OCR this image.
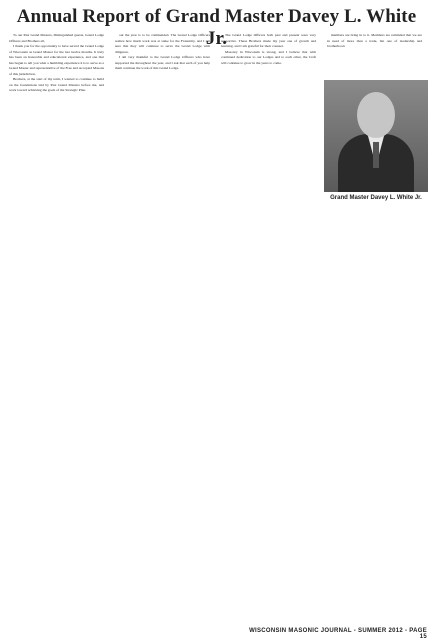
Annual Report of Grand Master Davey L. White Jr.

To our Past Grand Masters, Distinguished guests, Grand Lodge Officers and Brothers all,

I thank you for the opportunity to have served the Grand Lodge of Wisconsin as Grand Master for the last twelve months. It truly has been an honorable and educational experience, and one that has begun to tell you what a humbling experience it is to serve as a Grand Master and representative of the Free and Accepted Masons of this jurisdiction.

Brothers, at the start of my term, I wanted to continue to build on the foundations laid by Past Grand Masters before me, and work toward achieving the goals of the Strategic Plan.

out the year is to be commended. The Grand Lodge Officers realize how much work was at stake for the Fraternity, and I am sure that they will continue to serve the Grand Lodge with diligence.

I am very thankful to the Grand Lodge Officers who have supported me throughout the year, and I ask that each of you help them continue the work of this Grand Lodge.

The Grand Lodge Officers both past and present were very supportive. These Brothers made my year one of growth and learning, and I am grateful for their counsel.

Masonry in Wisconsin is strong, and I believe that with continued dedication to our Lodges and to each other, the Craft will continue to grow in the years to come.

members are bring in to it. Members are reminded that we are in need of more than a trade, but one of leadership and brotherhood.

Grand Master Davey L. White Jr.
WISCONSIN MASONIC JOURNAL - SUMMER 2012 - PAGE 15
